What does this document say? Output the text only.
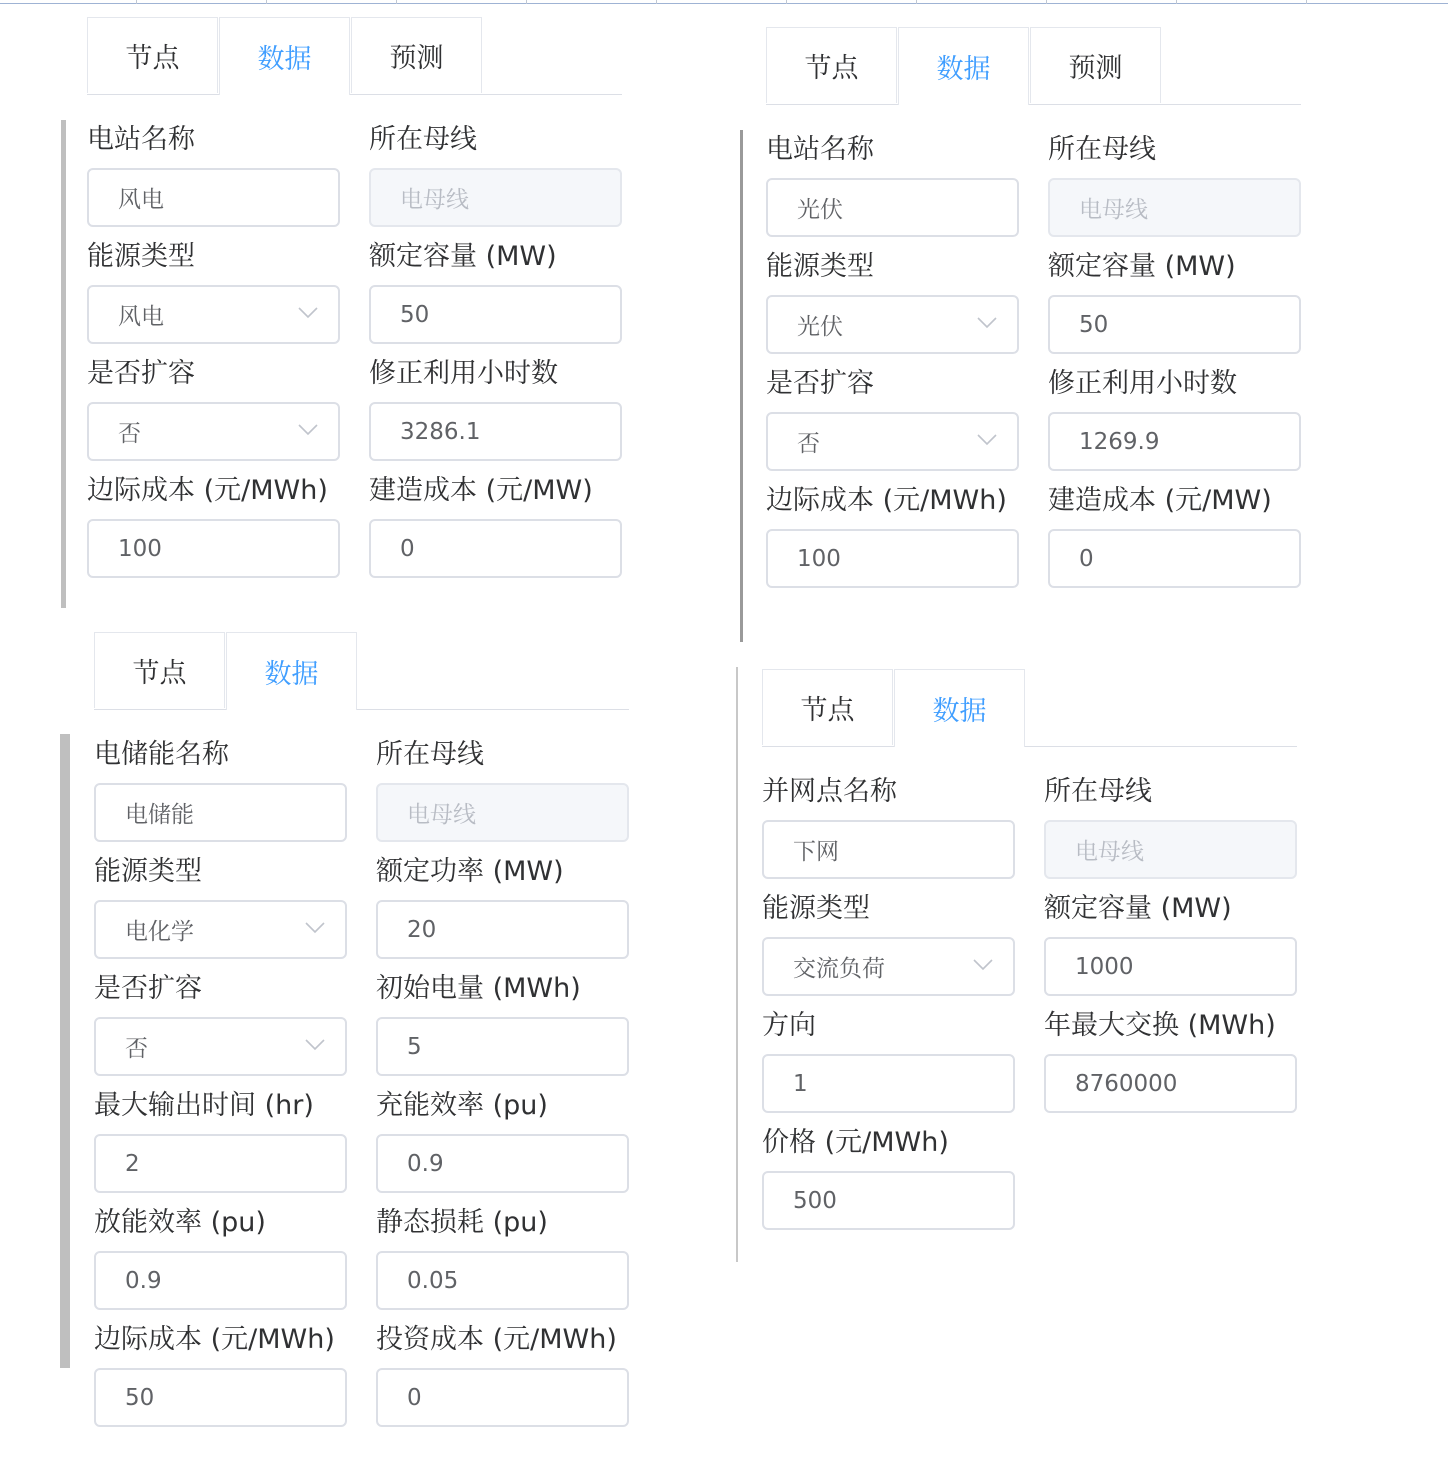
节点	数据	预测
电站名称
风电
所在母线
电母线
能源类型
风电
额定容量 (MW)
50
是否扩容
否
修正利用小时数
3286.1
边际成本 (元/MWh)
100
建造成本 (元/MW)
0
节点	数据	预测
电站名称
光伏
所在母线
电母线
能源类型
光伏
额定容量 (MW)
50
是否扩容
否
修正利用小时数
1269.9
边际成本 (元/MWh)
100
建造成本 (元/MW)
0
节点	数据
电储能名称
电储能
所在母线
电母线
能源类型
电化学
额定功率 (MW)
20
是否扩容
否
初始电量 (MWh)
5
最大输出时间 (hr)
2
充能效率 (pu)
0.9
放能效率 (pu)
0.9
静态损耗 (pu)
0.05
边际成本 (元/MWh)
50
投资成本 (元/MWh)
0
节点	数据
并网点名称
下网
所在母线
电母线
能源类型
交流负荷
额定容量 (MW)
1000
方向
1
年最大交换 (MWh)
8760000
价格 (元/MWh)
500
